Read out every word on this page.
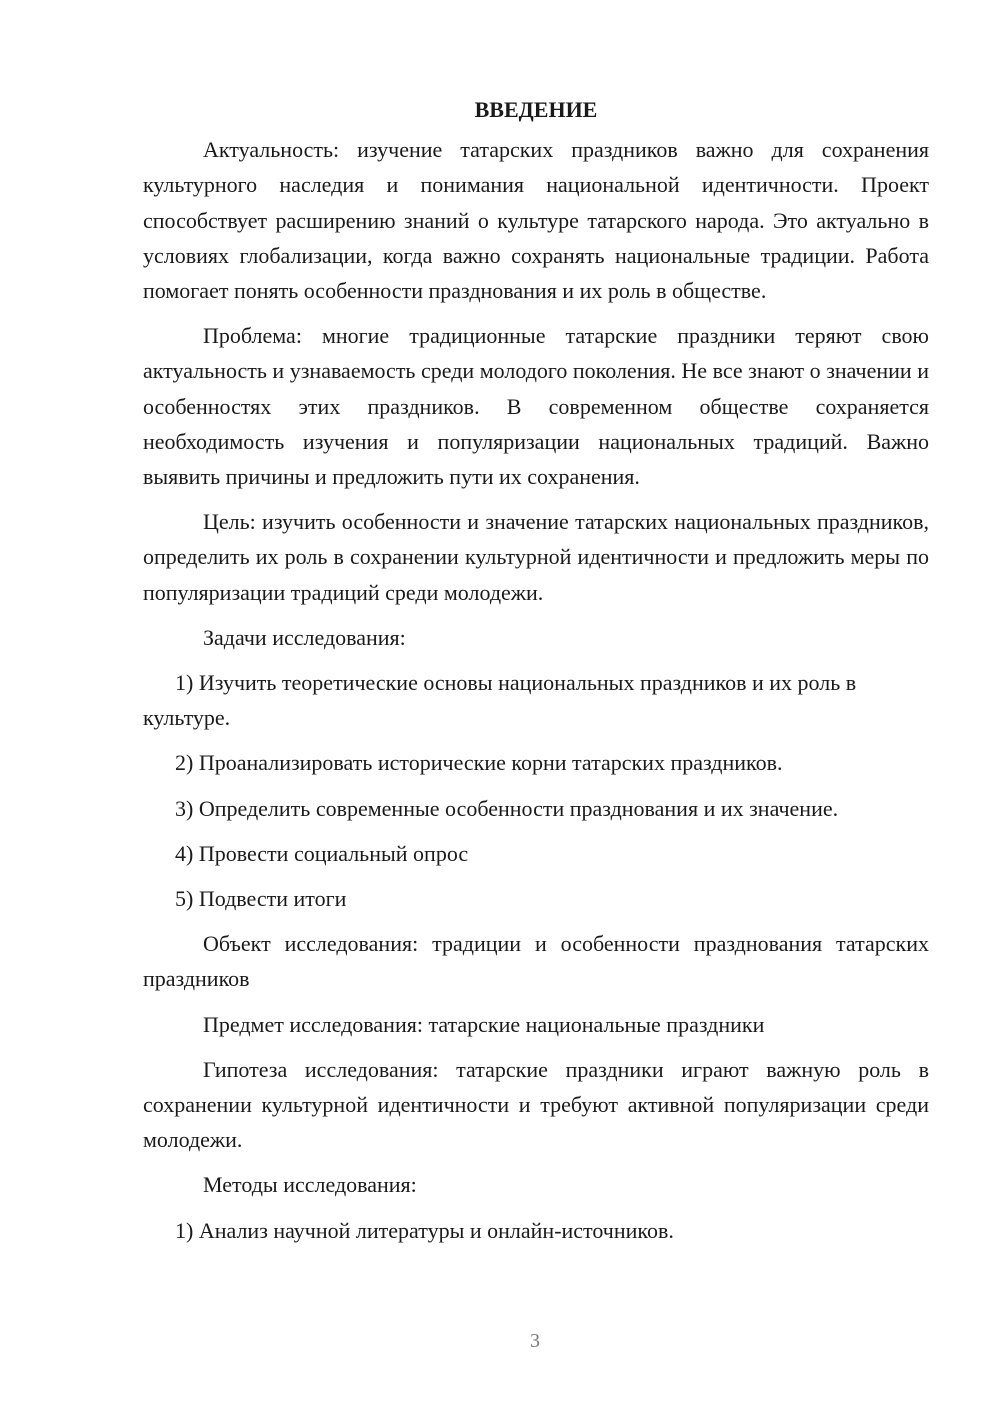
ВВЕДЕНИЕ

Актуальность: изучение татарских праздников важно для сохранения культурного наследия и понимания национальной идентичности. Проект способствует расширению знаний о культуре татарского народа. Это актуально в условиях глобализации, когда важно сохранять национальные традиции. Работа помогает понять особенности празднования и их роль в обществе.

Проблема: многие традиционные татарские праздники теряют свою актуальность и узнаваемость среди молодого поколения. Не все знают о значении и особенностях этих праздников. В современном обществе сохраняется необходимость изучения и популяризации национальных традиций. Важно выявить причины и предложить пути их сохранения.

Цель: изучить особенности и значение татарских национальных праздников, определить их роль в сохранении культурной идентичности и предложить меры по популяризации традиций среди молодежи.

Задачи исследования:

1) Изучить теоретические основы национальных праздников и их роль в культуре.

2) Проанализировать исторические корни татарских праздников.

3) Определить современные особенности празднования и их значение.

4) Провести социальный опрос

5) Подвести итоги

Объект исследования: традиции и особенности празднования татарских праздников

Предмет исследования: татарские национальные праздники

Гипотеза исследования: татарские праздники играют важную роль в сохранении культурной идентичности и требуют активной популяризации среди молодежи.

Методы исследования:

1) Анализ научной литературы и онлайн-источников.

3
